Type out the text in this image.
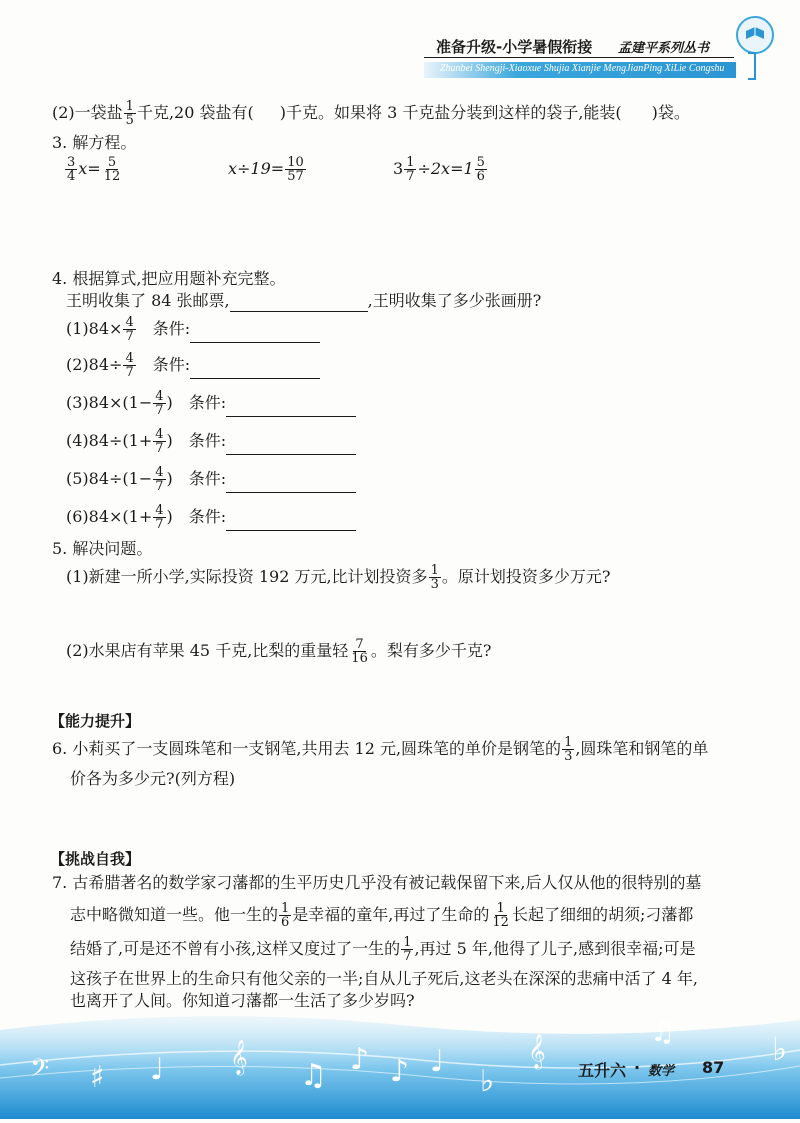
准备升级-小学暑假衔接 孟建平系列丛书
Zhunbei Shengji-Xiaoxue Shujia Xianjie MengJianPing XiLie Congshu
(2)一袋盐 $\frac{1}{5}$ 千克,20 袋盐有( )千克。如果将 3 千克盐分装到这样的袋子,能装( )袋。
3. 解方程。
$\frac{3}{4} x= \frac{5}{12}$	$x\div 19= \frac{10}{57}$	$3 \frac{1}{7} \div 2x=1 \frac{5}{6}$
4. 根据算式,把应用题补充完整。
王明收集了 84 张邮票,	,王明收集了多少张画册?
$(1)84\times \frac{4}{7}$ 条件:
$(2)84\div \frac{4}{7}$ 条件:
$(3)84\times(1- \frac{4}{7}$ ) 条件:
$(4)84\div(1+ \frac{4}{7}$ ) 条件:
$(5)84\div(1- \frac{4}{7}$ ) 条件:
$(6)84\times(1+ \frac{4}{7}$ ) 条件:
5. 解决问题。
(1)新建一所小学,实际投资 192 万元,比计划投资多 $\frac{1}{3}$ 。原计划投资多少万元?
(2)水果店有苹果 45 千克,比梨的重量轻 $\frac{7}{16}$ 。梨有多少千克?
【能力提升】
6. 小莉买了一支圆珠笔和一支钢笔,共用去 12 元,圆珠笔的单价是钢笔的 $\frac{1}{3}$ ,圆珠笔和钢笔的单
价各为多少元?(列方程)
【挑战自我】
7. 古希腊著名的数学家刁藩都的生平历史几乎没有被记载保留下来,后人仅从他的很特别的墓
志中略微知道一些。他一生的 $\frac{1}{6}$ 是幸福的童年,再过了生命的 $\frac{1}{12}$ 长起了细细的胡须;刁藩都
结婚了,可是还不曾有小孩,这样又度过了一生的 $\frac{1}{7}$ ,再过 5 年,他得了儿子,感到很幸福;可是
这孩子在世界上的生命只有他父亲的一半;自从儿子死后,这老头在深深的悲痛中活了 4 年,
也离开了人间。你知道刁藩都一生活了多少岁吗?
𝄢 ♯ ♩ 𝄞
♫ ♪ ♪ ♩
♭
𝄞
♫	♭
五升六 · 数学 87
